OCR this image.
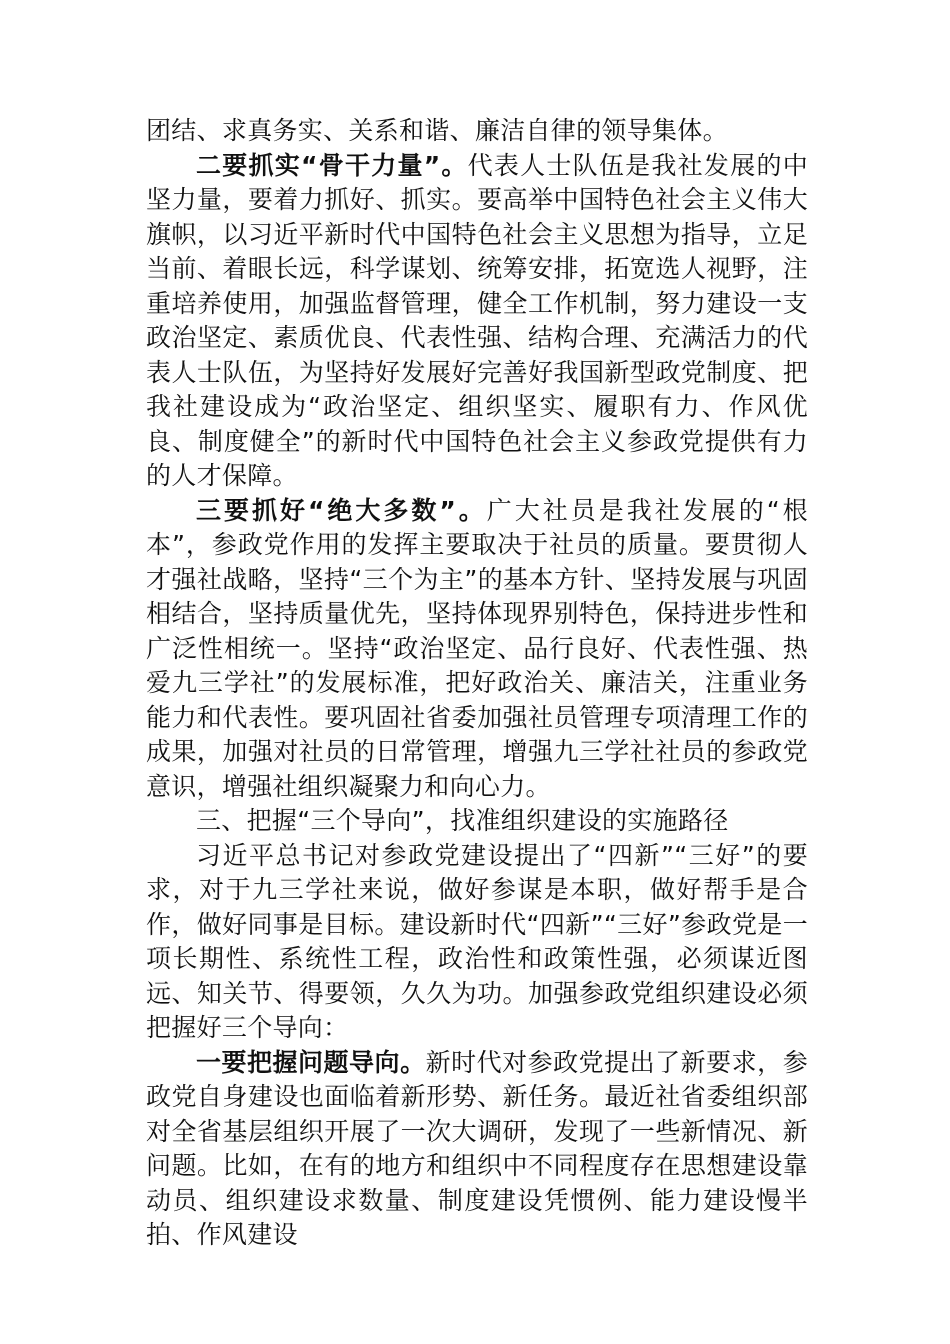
团结、求真务实、关系和谐、廉洁自律的领导集体。

二要抓实“骨干力量”。代表人士队伍是我社发展的中坚力量，要着力抓好、抓实。要高举中国特色社会主义伟大旗帜，以习近平新时代中国特色社会主义思想为指导，立足当前、着眼长远，科学谋划、统筹安排，拓宽选人视野，注重培养使用，加强监督管理，健全工作机制，努力建设一支政治坚定、素质优良、代表性强、结构合理、充满活力的代表人士队伍，为坚持好发展好完善好我国新型政党制度、把我社建设成为“政治坚定、组织坚实、履职有力、作风优良、制度健全”的新时代中国特色社会主义参政党提供有力的人才保障。

三要抓好“绝大多数”。广大社员是我社发展的“根本”，参政党作用的发挥主要取决于社员的质量。要贯彻人才强社战略，坚持“三个为主”的基本方针、坚持发展与巩固相结合，坚持质量优先，坚持体现界别特色，保持进步性和广泛性相统一。坚持“政治坚定、品行良好、代表性强、热爱九三学社”的发展标准，把好政治关、廉洁关，注重业务能力和代表性。要巩固社省委加强社员管理专项清理工作的成果，加强对社员的日常管理，增强九三学社社员的参政党意识，增强社组织凝聚力和向心力。

三、把握“三个导向”，找准组织建设的实施路径

习近平总书记对参政党建设提出了“四新”“三好”的要求，对于九三学社来说，做好参谋是本职，做好帮手是合作，做好同事是目标。建设新时代“四新”“三好”参政党是一项长期性、系统性工程，政治性和政策性强，必须谋近图远、知关节、得要领，久久为功。加强参政党组织建设必须把握好三个导向：

一要把握问题导向。新时代对参政党提出了新要求，参政党自身建设也面临着新形势、新任务。最近社省委组织部对全省基层组织开展了一次大调研，发现了一些新情况、新问题。比如，在有的地方和组织中不同程度存在思想建设靠动员、组织建设求数量、制度建设凭惯例、能力建设慢半拍、作风建设
